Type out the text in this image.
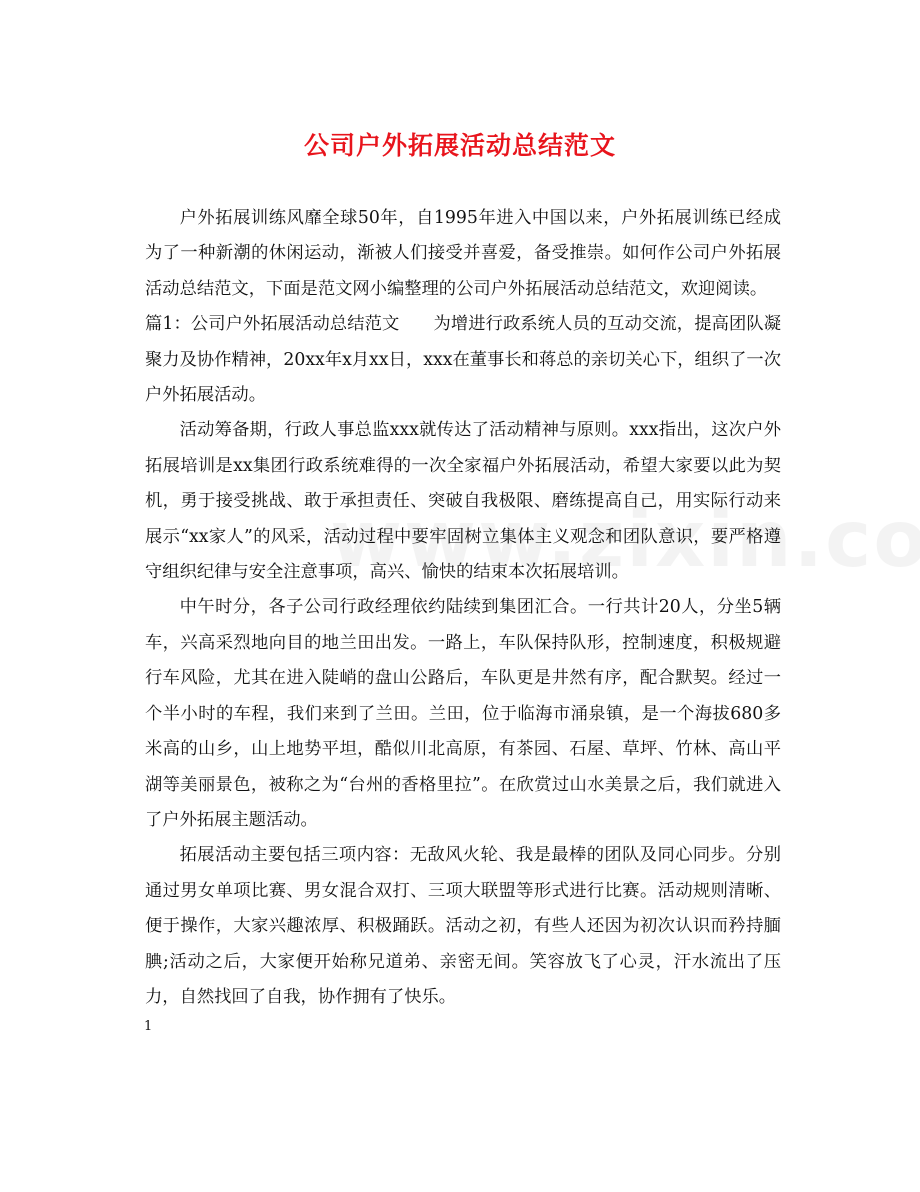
公司户外拓展活动总结范文

户外拓展训练风靡全球50年，自1995年进入中国以来，户外拓展训练已经成为了一种新潮的休闲运动，渐被人们接受并喜爱，备受推崇。如何作公司户外拓展活动总结范文，下面是范文网小编整理的公司户外拓展活动总结范文，欢迎阅读。

篇1：公司户外拓展活动总结范文 为增进行政系统人员的互动交流，提高团队凝聚力及协作精神，20xx年x月xx日，xxx在董事长和蒋总的亲切关心下，组织了一次户外拓展活动。

活动筹备期，行政人事总监xxx就传达了活动精神与原则。xxx指出，这次户外拓展培训是xx集团行政系统难得的一次全家福户外拓展活动，希望大家要以此为契机，勇于接受挑战、敢于承担责任、突破自我极限、磨练提高自己，用实际行动来展示“xx家人”的风采，活动过程中要牢固树立集体主义观念和团队意识，要严格遵守组织纪律与安全注意事项，高兴、愉快的结束本次拓展培训。

中午时分，各子公司行政经理依约陆续到集团汇合。一行共计20人，分坐5辆车，兴高采烈地向目的地兰田出发。一路上，车队保持队形，控制速度，积极规避行车风险，尤其在进入陡峭的盘山公路后，车队更是井然有序，配合默契。经过一个半小时的车程，我们来到了兰田。兰田，位于临海市涌泉镇，是一个海拔680多米高的山乡，山上地势平坦，酷似川北高原，有茶园、石屋、草坪、竹林、高山平湖等美丽景色，被称之为“台州的香格里拉”。在欣赏过山水美景之后，我们就进入了户外拓展主题活动。

拓展活动主要包括三项内容：无敌风火轮、我是最棒的团队及同心同步。分别通过男女单项比赛、男女混合双打、三项大联盟等形式进行比赛。活动规则清晰、便于操作，大家兴趣浓厚、积极踊跃。活动之初，有些人还因为初次认识而矜持腼腆;活动之后，大家便开始称兄道弟、亲密无间。笑容放飞了心灵，汗水流出了压力，自然找回了自我，协作拥有了快乐。

1
